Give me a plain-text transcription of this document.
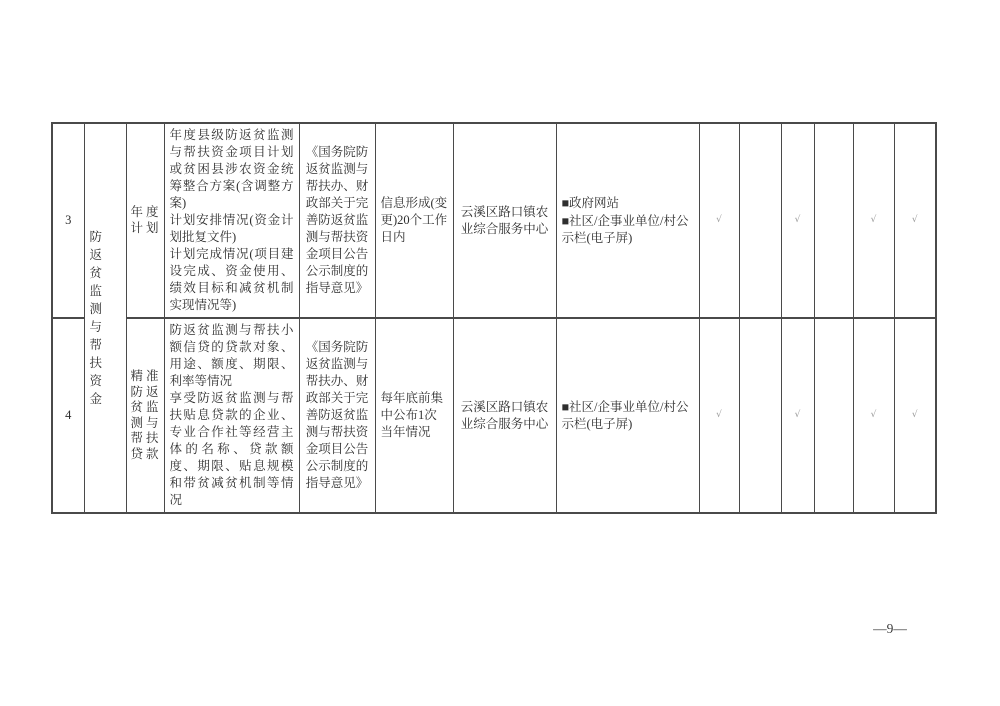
3	防返贫监测与帮扶资金	年度计划	
年度县级防返贫监测与帮扶资金项目计划或贫困县涉农资金统筹整合方案(含调整方案)
计划安排情况(资金计划批复文件)
计划完成情况(项目建设完成、资金使用、绩效目标和减贫机制实现情况等)
	《国务院防返贫监测与帮扶办、财政部关于完善防返贫监测与帮扶资金项目公告公示制度的指导意见》	信息形成(变更)20个工作日内	云溪区路口镇农业综合服务中心	
■政府网站
■社区/企事业单位/村公示栏(电子屏)
	√		√		√	√
4		精准防返贫监测与帮扶贷款	防返贫监测与帮扶小额信贷的贷款对象、用途、额度、期限、利率等情况
享受防返贫监测与帮扶贴息贷款的企业、专业合作社等经营主体的名称、贷款额度、期限、贴息规模和带贫减贫机制等情况	《国务院防返贫监测与帮扶办、财政部关于完善防返贫监测与帮扶资金项目公告公示制度的指导意见》	每年底前集中公布1次当年情况	云溪区路口镇农业综合服务中心	■社区/企事业单位/村公示栏(电子屏)	√		√		√	√
—9—
